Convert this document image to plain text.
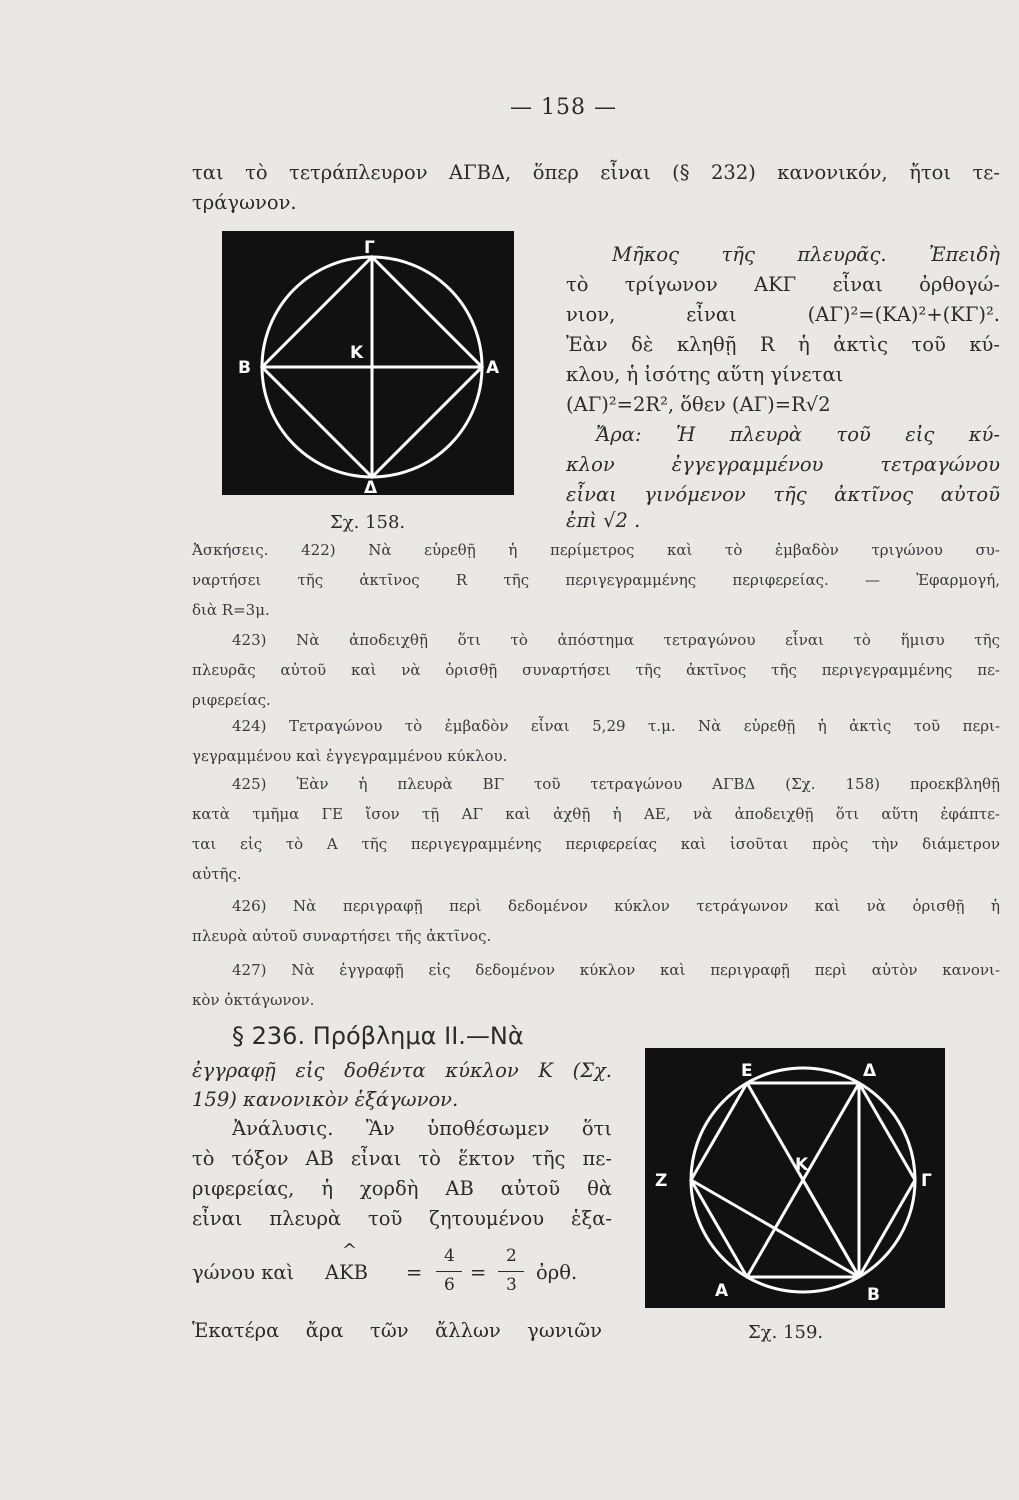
— 158 —
ται τὸ τετράπλευρον ΑΓΒΔ, ὅπερ εἶναι (§ 232) κανονικόν, ἤτοι τε-
τράγωνον.
Γ
Β
Κ
Α
Δ
Σχ. 158.
Μῆκος τῆς πλευρᾶς. Ἐπειδὴ
τὸ τρίγωνον ΑΚΓ εἶναι ὀρθογώ-
νιον, εἶναι (ΑΓ)²=(ΚΑ)²+(ΚΓ)².
Ἐὰν δὲ κληθῇ R ἡ ἀκτὶς τοῦ κύ-
κλου, ἡ ἰσότης αὕτη γίνεται
(ΑΓ)²=2R², ὅθεν (ΑΓ)=R√2
Ἄρα: Ἡ πλευρὰ τοῦ εἰς κύ-
κλον ἐγγεγραμμένου τετραγώνου
εἶναι γινόμενον τῆς ἀκτῖνος αὐτοῦ
ἐπὶ √2 .
Ἀσκήσεις. 422) Νὰ εὑρεθῇ ἡ περίμετρος καὶ τὸ ἐμβαδὸν τριγώνου συ-
ναρτήσει τῆς ἀκτῖνος R τῆς περιγεγραμμένης περιφερείας. — Ἐφαρμογή,
διὰ R=3μ.
423) Νὰ ἀποδειχθῇ ὅτι τὸ ἀπόστημα τετραγώνου εἶναι τὸ ἥμισυ τῆς
πλευρᾶς αὐτοῦ καὶ νὰ ὁρισθῇ συναρτήσει τῆς ἀκτῖνος τῆς περιγεγραμμένης πε-
ριφερείας.
424) Τετραγώνου τὸ ἐμβαδὸν εἶναι 5,29 τ.μ. Νὰ εὑρεθῇ ἡ ἀκτὶς τοῦ περι-
γεγραμμένου καὶ ἐγγεγραμμένου κύκλου.
425) Ἐὰν ἡ πλευρὰ ΒΓ τοῦ τετραγώνου ΑΓΒΔ (Σχ. 158) προεκβληθῇ
κατὰ τμῆμα ΓΕ ἴσον τῇ ΑΓ καὶ ἀχθῇ ἡ ΑΕ, νὰ ἀποδειχθῇ ὅτι αὕτη ἐφάπτε-
ται εἰς τὸ Α τῆς περιγεγραμμένης περιφερείας καὶ ἰσοῦται πρὸς τὴν διάμετρον
αὐτῆς.
426) Νὰ περιγραφῇ περὶ δεδομένον κύκλον τετράγωνον καὶ νὰ ὁρισθῇ ἡ
πλευρὰ αὐτοῦ συναρτήσει τῆς ἀκτῖνος.
427) Νὰ ἐγγραφῇ εἰς δεδομένον κύκλον καὶ περιγραφῇ περὶ αὐτὸν κανονι-
κὸν ὀκτάγωνον.
§ 236. Πρόβλημα ΙΙ.—Νὰ
ἐγγραφῇ εἰς δοθέντα κύκλον Κ (Σχ.
159) κανονικὸν ἑξάγωνον.
Ἀνάλυσις. Ἂν ὑποθέσωμεν ὅτι
τὸ τόξον ΑΒ εἶναι τὸ ἕκτον τῆς πε-
ριφερείας, ἡ χορδὴ ΑΒ αὐτοῦ θὰ
εἶναι πλευρὰ τοῦ ζητουμένου ἑξα-
γώνου καὶ
^
ΑΚΒ =
4
6
=
2
3
ὀρθ.
Ἑκατέρα ἄρα τῶν ἄλλων γωνιῶν
Ε	Δ
Ζ
Κ
Γ
Α	Β
Σχ. 159.
